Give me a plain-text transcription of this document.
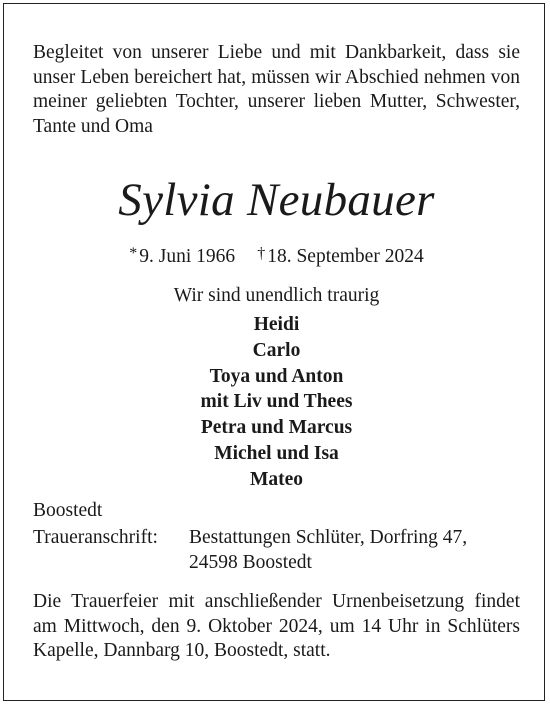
Begleitet von unserer Liebe und mit Dankbarkeit, dass sie unser Leben bereichert hat, müssen wir Abschied nehmen von meiner geliebten Tochter, unserer lieben Mutter, Schwester, Tante und Oma

Sylvia Neubauer
* 9. Juni 1966 † 18. September 2024
Wir sind unendlich traurig
Heidi
Carlo
Toya und Anton
mit Liv und Thees
Petra und Marcus
Michel und Isa
Mateo
Boostedt
Traueranschrift:	Bestattungen Schlüter, Dorfring 47,
24598 Boostedt

Die Trauerfeier mit anschließender Urnenbeisetzung findet am Mittwoch, den 9. Oktober 2024, um 14 Uhr in Schlüters Kapelle, Dannbarg 10, Boostedt, statt.
